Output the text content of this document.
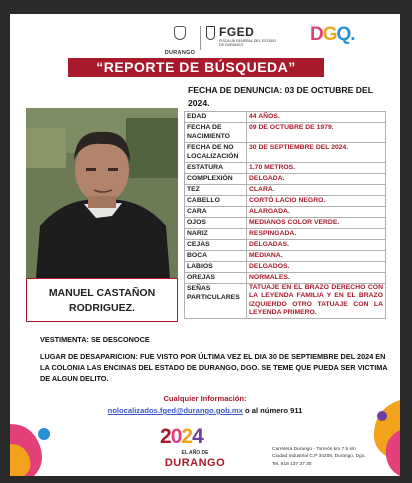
DURANGO
FGED
FISCALÍA GENERAL DEL ESTADO DE DURANGO	DGQ.
“REPORTE DE BÚSQUEDA”
FECHA DE DENUNCIA: 03 DE OCTUBRE DEL 2024.
MANUEL CASTAÑON
RODRIGUEZ.
EDAD	44 AÑOS.
FECHA DE NACIMIENTO	09 DE OCTUBRE DE 1979.
FECHA DE NO LOCALIZACIÓN	30 DE SEPTIEMBRE DEL 2024.
ESTATURA	1.70 METROS.
COMPLEXIÓN	DELGADA.
TEZ	CLARA.
CABELLO	CORTÓ LACIO NEGRO.
CARA	ALARGADA.
OJOS	MEDIANOS COLOR VERDE.
NARIZ	RESPINGADA.
CEJAS	DELGADAS.
BOCA	MEDIANA.
LABIOS	DELGADOS.
OREJAS	NORMALES.
SEÑAS PARTICULARES	TATUAJE EN EL BRAZO DERECHO CON LA LEYENDA FAMILIA Y EN EL BRAZO IZQUIERDO OTRO TATUAJE CON LA LEYENDA PRIMERO.
VESTIMENTA: SE DESCONOCE
LUGAR DE DESAPARICION: FUE VISTO POR ÚLTIMA VEZ EL DIA 30 DE SEPTIEMBRE DEL 2024 EN LA COLONIA LAS ENCINAS DEL ESTADO DE DURANGO, DGO. SE TEME QUE PUEDA SER VICTIMA DE ALGUN DELITO.
Cualquier Información:
nolocalizados.fged@durango.gob.mx o al número 911
2024
EL AÑO DE
DURANGO
Carretera Durango - Torreón km 7.5 s/n
Ciudad Industrial C.P 34208, Durango, Dgo.
Tel. 618 137 37 30
